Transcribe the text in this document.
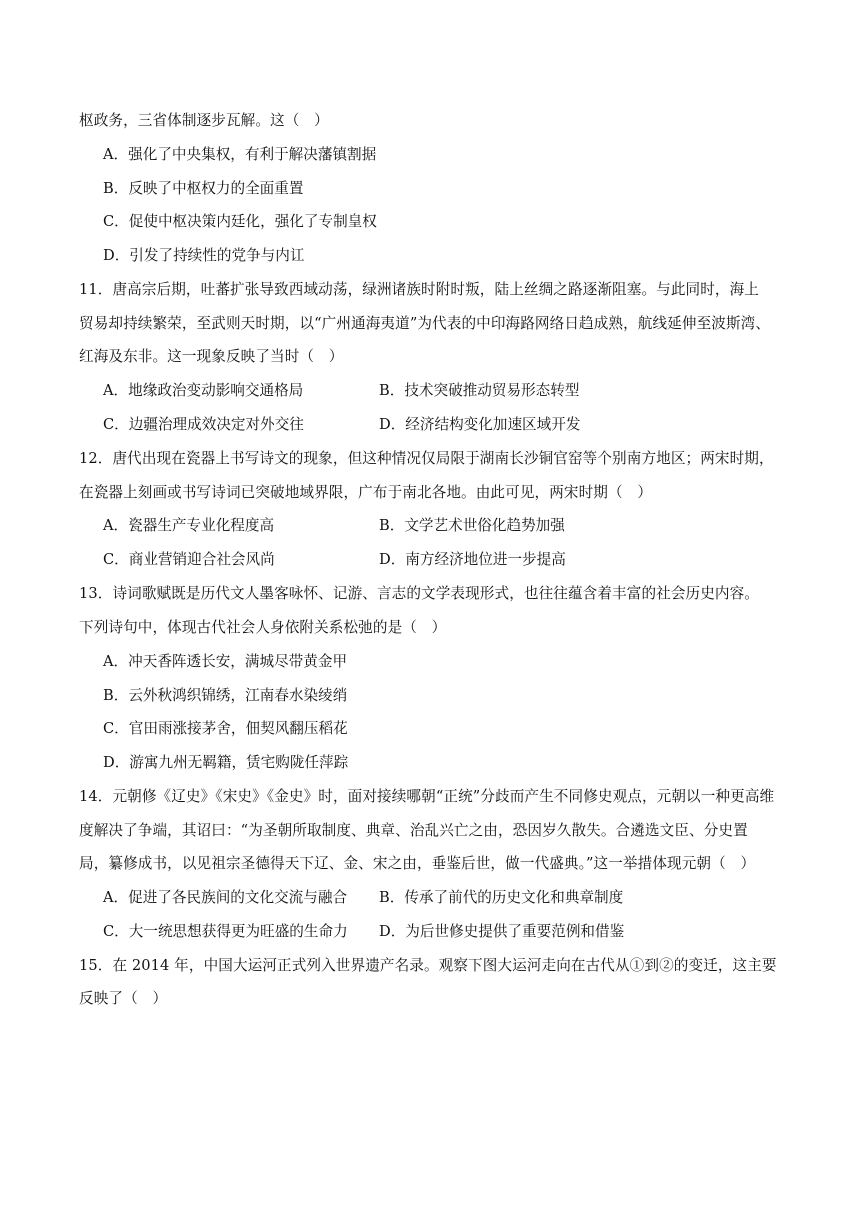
枢政务，三省体制逐步瓦解。这（　）
A．强化了中央集权，有利于解决藩镇割据
B．反映了中枢权力的全面重置
C．促使中枢决策内廷化，强化了专制皇权
D．引发了持续性的党争与内讧
11．唐高宗后期，吐蕃扩张导致西域动荡，绿洲诸族时附时叛，陆上丝绸之路逐渐阻塞。与此同时，海上
贸易却持续繁荣，至武则天时期，以“广州通海夷道”为代表的中印海路网络日趋成熟，航线延伸至波斯湾、
红海及东非。这一现象反映了当时（　）
A．地缘政治变动影响交通格局	B．技术突破推动贸易形态转型
C．边疆治理成效决定对外交往	D．经济结构变化加速区域开发
12．唐代出现在瓷器上书写诗文的现象，但这种情况仅局限于湖南长沙铜官窑等个别南方地区；两宋时期，
在瓷器上刻画或书写诗词已突破地域界限，广布于南北各地。由此可见，两宋时期（　）
A．瓷器生产专业化程度高	B．文学艺术世俗化趋势加强
C．商业营销迎合社会风尚	D．南方经济地位进一步提高
13．诗词歌赋既是历代文人墨客咏怀、记游、言志的文学表现形式，也往往蕴含着丰富的社会历史内容。
下列诗句中，体现古代社会人身依附关系松弛的是（　）
A．冲天香阵透长安，满城尽带黄金甲
B．云外秋鸿织锦绣，江南春水染绫绡
C．官田雨涨接茅舍，佃契风翻压稻花
D．游寓九州无羁籍，赁宅购陇任萍踪
14．元朝修《辽史》《宋史》《金史》时，面对接续哪朝“正统”分歧而产生不同修史观点，元朝以一种更高维
度解决了争端，其诏曰：“为圣朝所取制度、典章、治乱兴亡之由，恐因岁久散失。合遴选文臣、分史置
局，纂修成书，以见祖宗圣德得天下辽、金、宋之由，垂鉴后世，做一代盛典。”这一举措体现元朝（　）
A．促进了各民族间的文化交流与融合 B．传承了前代的历史文化和典章制度
C．大一统思想获得更为旺盛的生命力 D．为后世修史提供了重要范例和借鉴
15．在 2014 年，中国大运河正式列入世界遗产名录。观察下图大运河走向在古代从①到②的变迁，这主要
反映了（　）
